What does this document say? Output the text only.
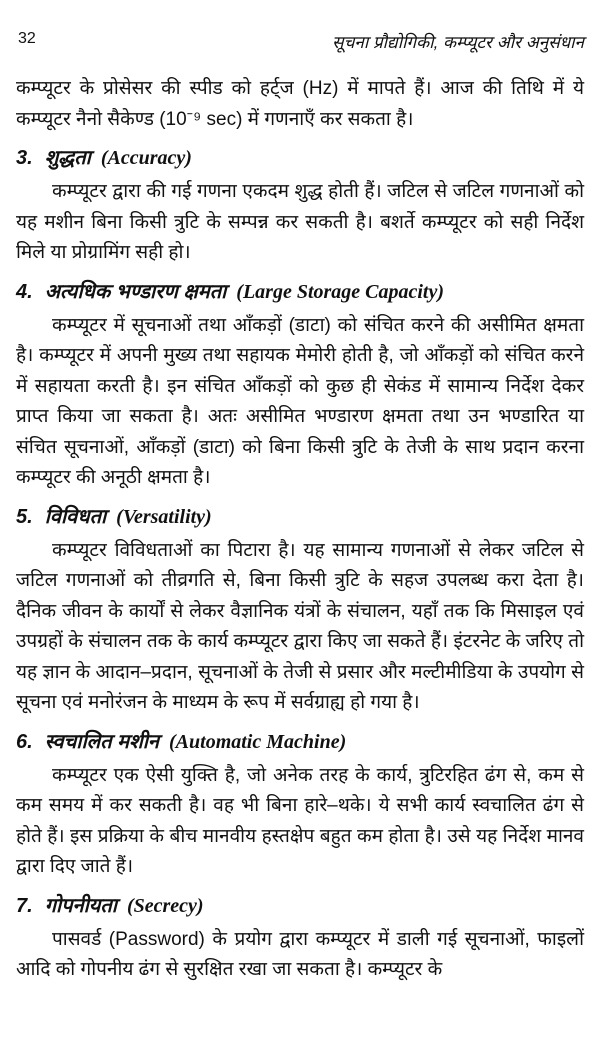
32	सूचना प्रौद्योगिकी, कम्प्यूटर और अनुसंधान

कम्प्यूटर के प्रोसेसर की स्पीड को हर्ट्ज (Hz) में मापते हैं। आज की तिथि में ये कम्प्यूटर नैनो सैकेण्ड (10⁻⁹ sec) में गणनाएँ कर सकता है।

3. शुद्धता (Accuracy)

कम्प्यूटर द्वारा की गई गणना एकदम शुद्ध होती हैं। जटिल से जटिल गणनाओं को यह मशीन बिना किसी त्रुटि के सम्पन्न कर सकती है। बशर्ते कम्प्यूटर को सही निर्देश मिले या प्रोग्रामिंग सही हो।

4. अत्यधिक भण्डारण क्षमता (Large Storage Capacity)

कम्प्यूटर में सूचनाओं तथा आँकड़ों (डाटा) को संचित करने की असीमित क्षमता है। कम्प्यूटर में अपनी मुख्य तथा सहायक मेमोरी होती है, जो आँकड़ों को संचित करने में सहायता करती है। इन संचित आँकड़ों को कुछ ही सेकंड में सामान्य निर्देश देकर प्राप्त किया जा सकता है। अतः असीमित भण्डारण क्षमता तथा उन भण्डारित या संचित सूचनाओं, आँकड़ों (डाटा) को बिना किसी त्रुटि के तेजी के साथ प्रदान करना कम्प्यूटर की अनूठी क्षमता है।

5. विविधता (Versatility)

कम्प्यूटर विविधताओं का पिटारा है। यह सामान्य गणनाओं से लेकर जटिल से जटिल गणनाओं को तीव्रगति से, बिना किसी त्रुटि के सहज उपलब्ध करा देता है। दैनिक जीवन के कार्यों से लेकर वैज्ञानिक यंत्रों के संचालन, यहाँ तक कि मिसाइल एवं उपग्रहों के संचालन तक के कार्य कम्प्यूटर द्वारा किए जा सकते हैं। इंटरनेट के जरिए तो यह ज्ञान के आदान–प्रदान, सूचनाओं के तेजी से प्रसार और मल्टीमीडिया के उपयोग से सूचना एवं मनोरंजन के माध्यम के रूप में सर्वग्राह्य हो गया है।

6. स्वचालित मशीन (Automatic Machine)

कम्प्यूटर एक ऐसी युक्ति है, जो अनेक तरह के कार्य, त्रुटिरहित ढंग से, कम से कम समय में कर सकती है। वह भी बिना हारे–थके। ये सभी कार्य स्वचालित ढंग से होते हैं। इस प्रक्रिया के बीच मानवीय हस्तक्षेप बहुत कम होता है। उसे यह निर्देश मानव द्वारा दिए जाते हैं।

7. गोपनीयता (Secrecy)

पासवर्ड (Password) के प्रयोग द्वारा कम्प्यूटर में डाली गई सूचनाओं, फाइलों आदि को गोपनीय ढंग से सुरक्षित रखा जा सकता है। कम्प्यूटर के
